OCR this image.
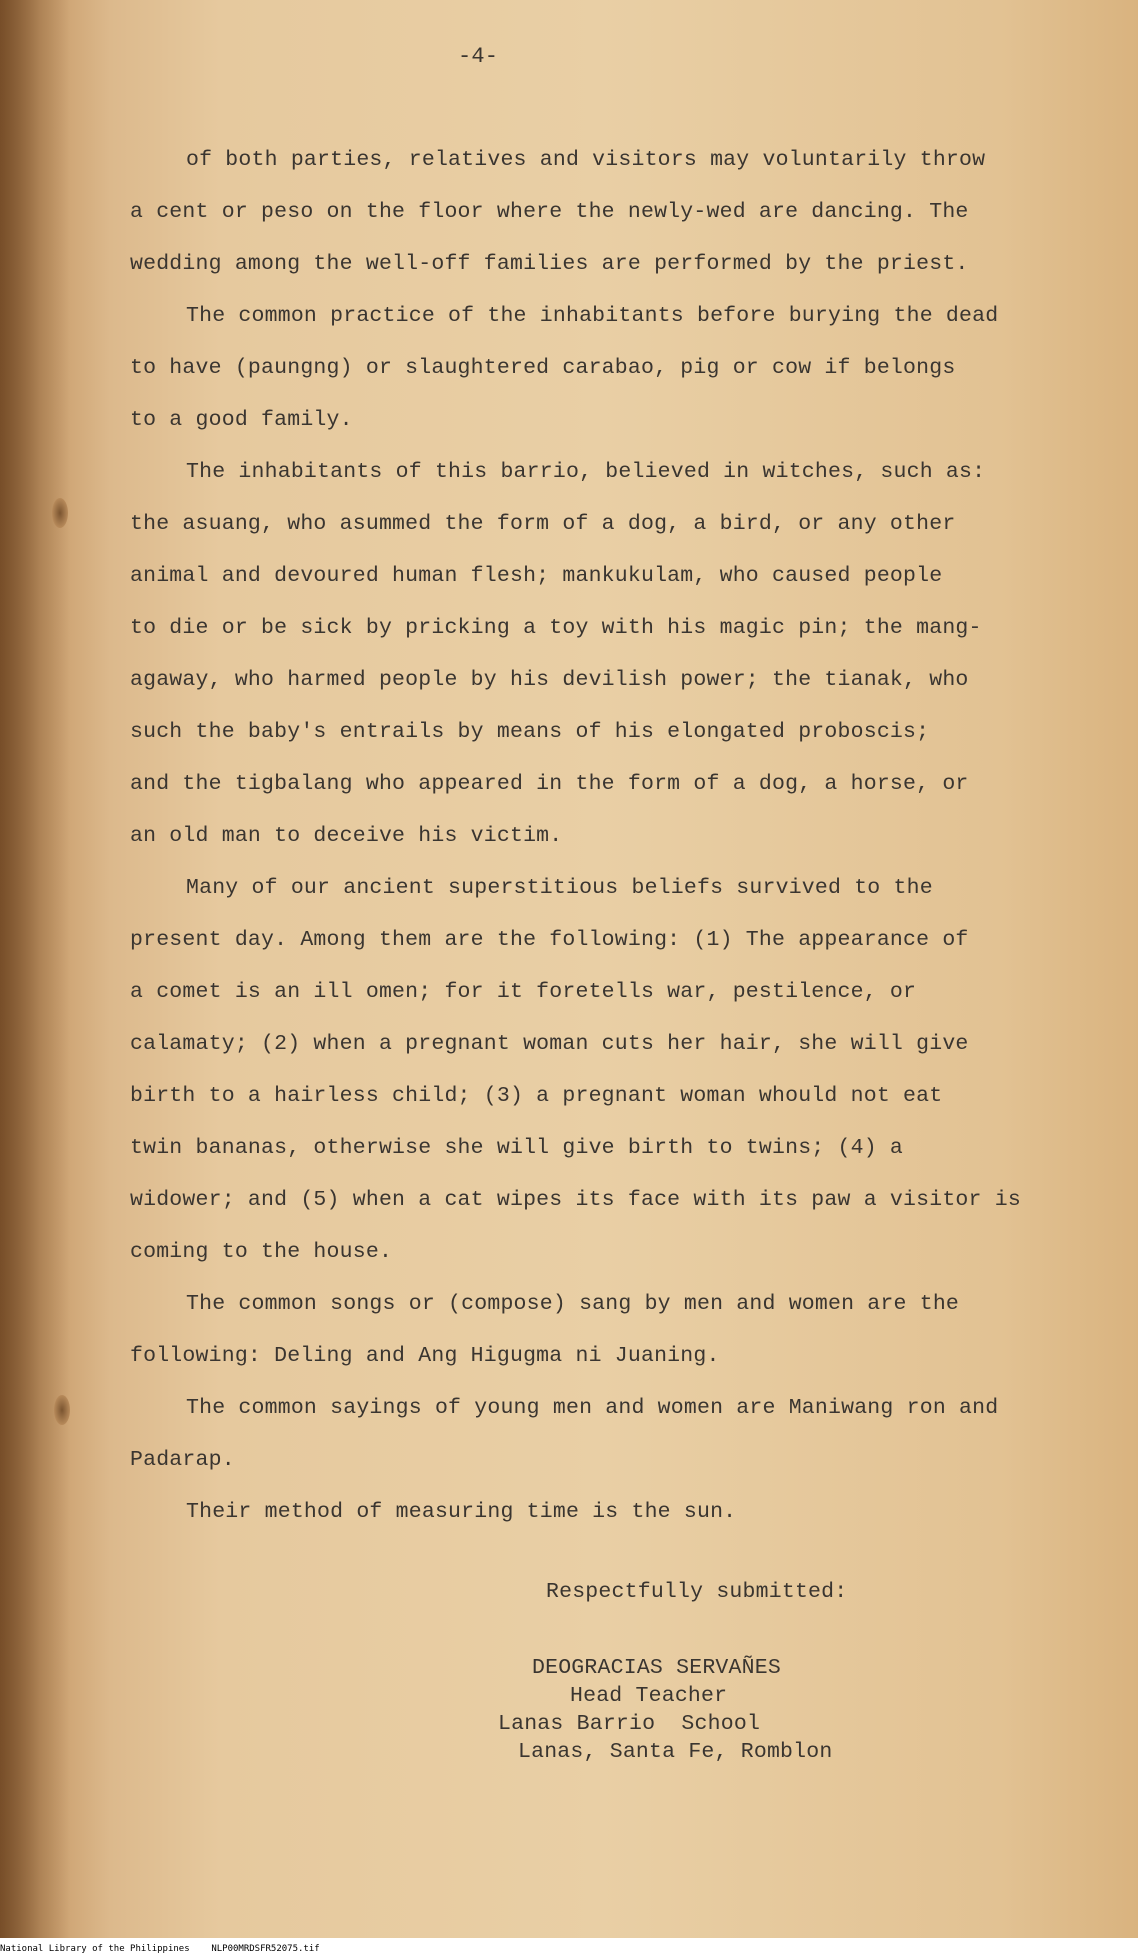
-4-
of both parties, relatives and visitors may voluntarily throw
a cent or peso on the floor where the newly-wed are dancing. The
wedding among the well-off families are performed by the priest.
The common practice of the inhabitants before burying the dead
to have (paungng) or slaughtered carabao, pig or cow if belongs
to a good family.
The inhabitants of this barrio, believed in witches, such as:
the asuang, who asummed the form of a dog, a bird, or any other
animal and devoured human flesh; mankukulam, who caused people
to die or be sick by pricking a toy with his magic pin; the mang-
agaway, who harmed people by his devilish power; the tianak, who
such the baby's entrails by means of his elongated proboscis;
and the tigbalang who appeared in the form of a dog, a horse, or
an old man to deceive his victim.
Many of our ancient superstitious beliefs survived to the
present day. Among them are the following: (1) The appearance of
a comet is an ill omen; for it foretells war, pestilence, or
calamaty; (2) when a pregnant woman cuts her hair, she will give
birth to a hairless child; (3) a pregnant woman whould not eat
twin bananas, otherwise she will give birth to twins; (4) a
widower; and (5) when a cat wipes its face with its paw a visitor is
coming to the house.
The common songs or (compose) sang by men and women are the
following: Deling and Ang Higugma ni Juaning.
The common sayings of young men and women are Maniwang ron and
Padarap.
Their method of measuring time is the sun.
Respectfully submitted:
DEOGRACIAS SERVAÑES
Head Teacher
Lanas Barrio  School
Lanas, Santa Fe, Romblon
National Library of the Philippines    NLP00MRDSFR52075.tif
